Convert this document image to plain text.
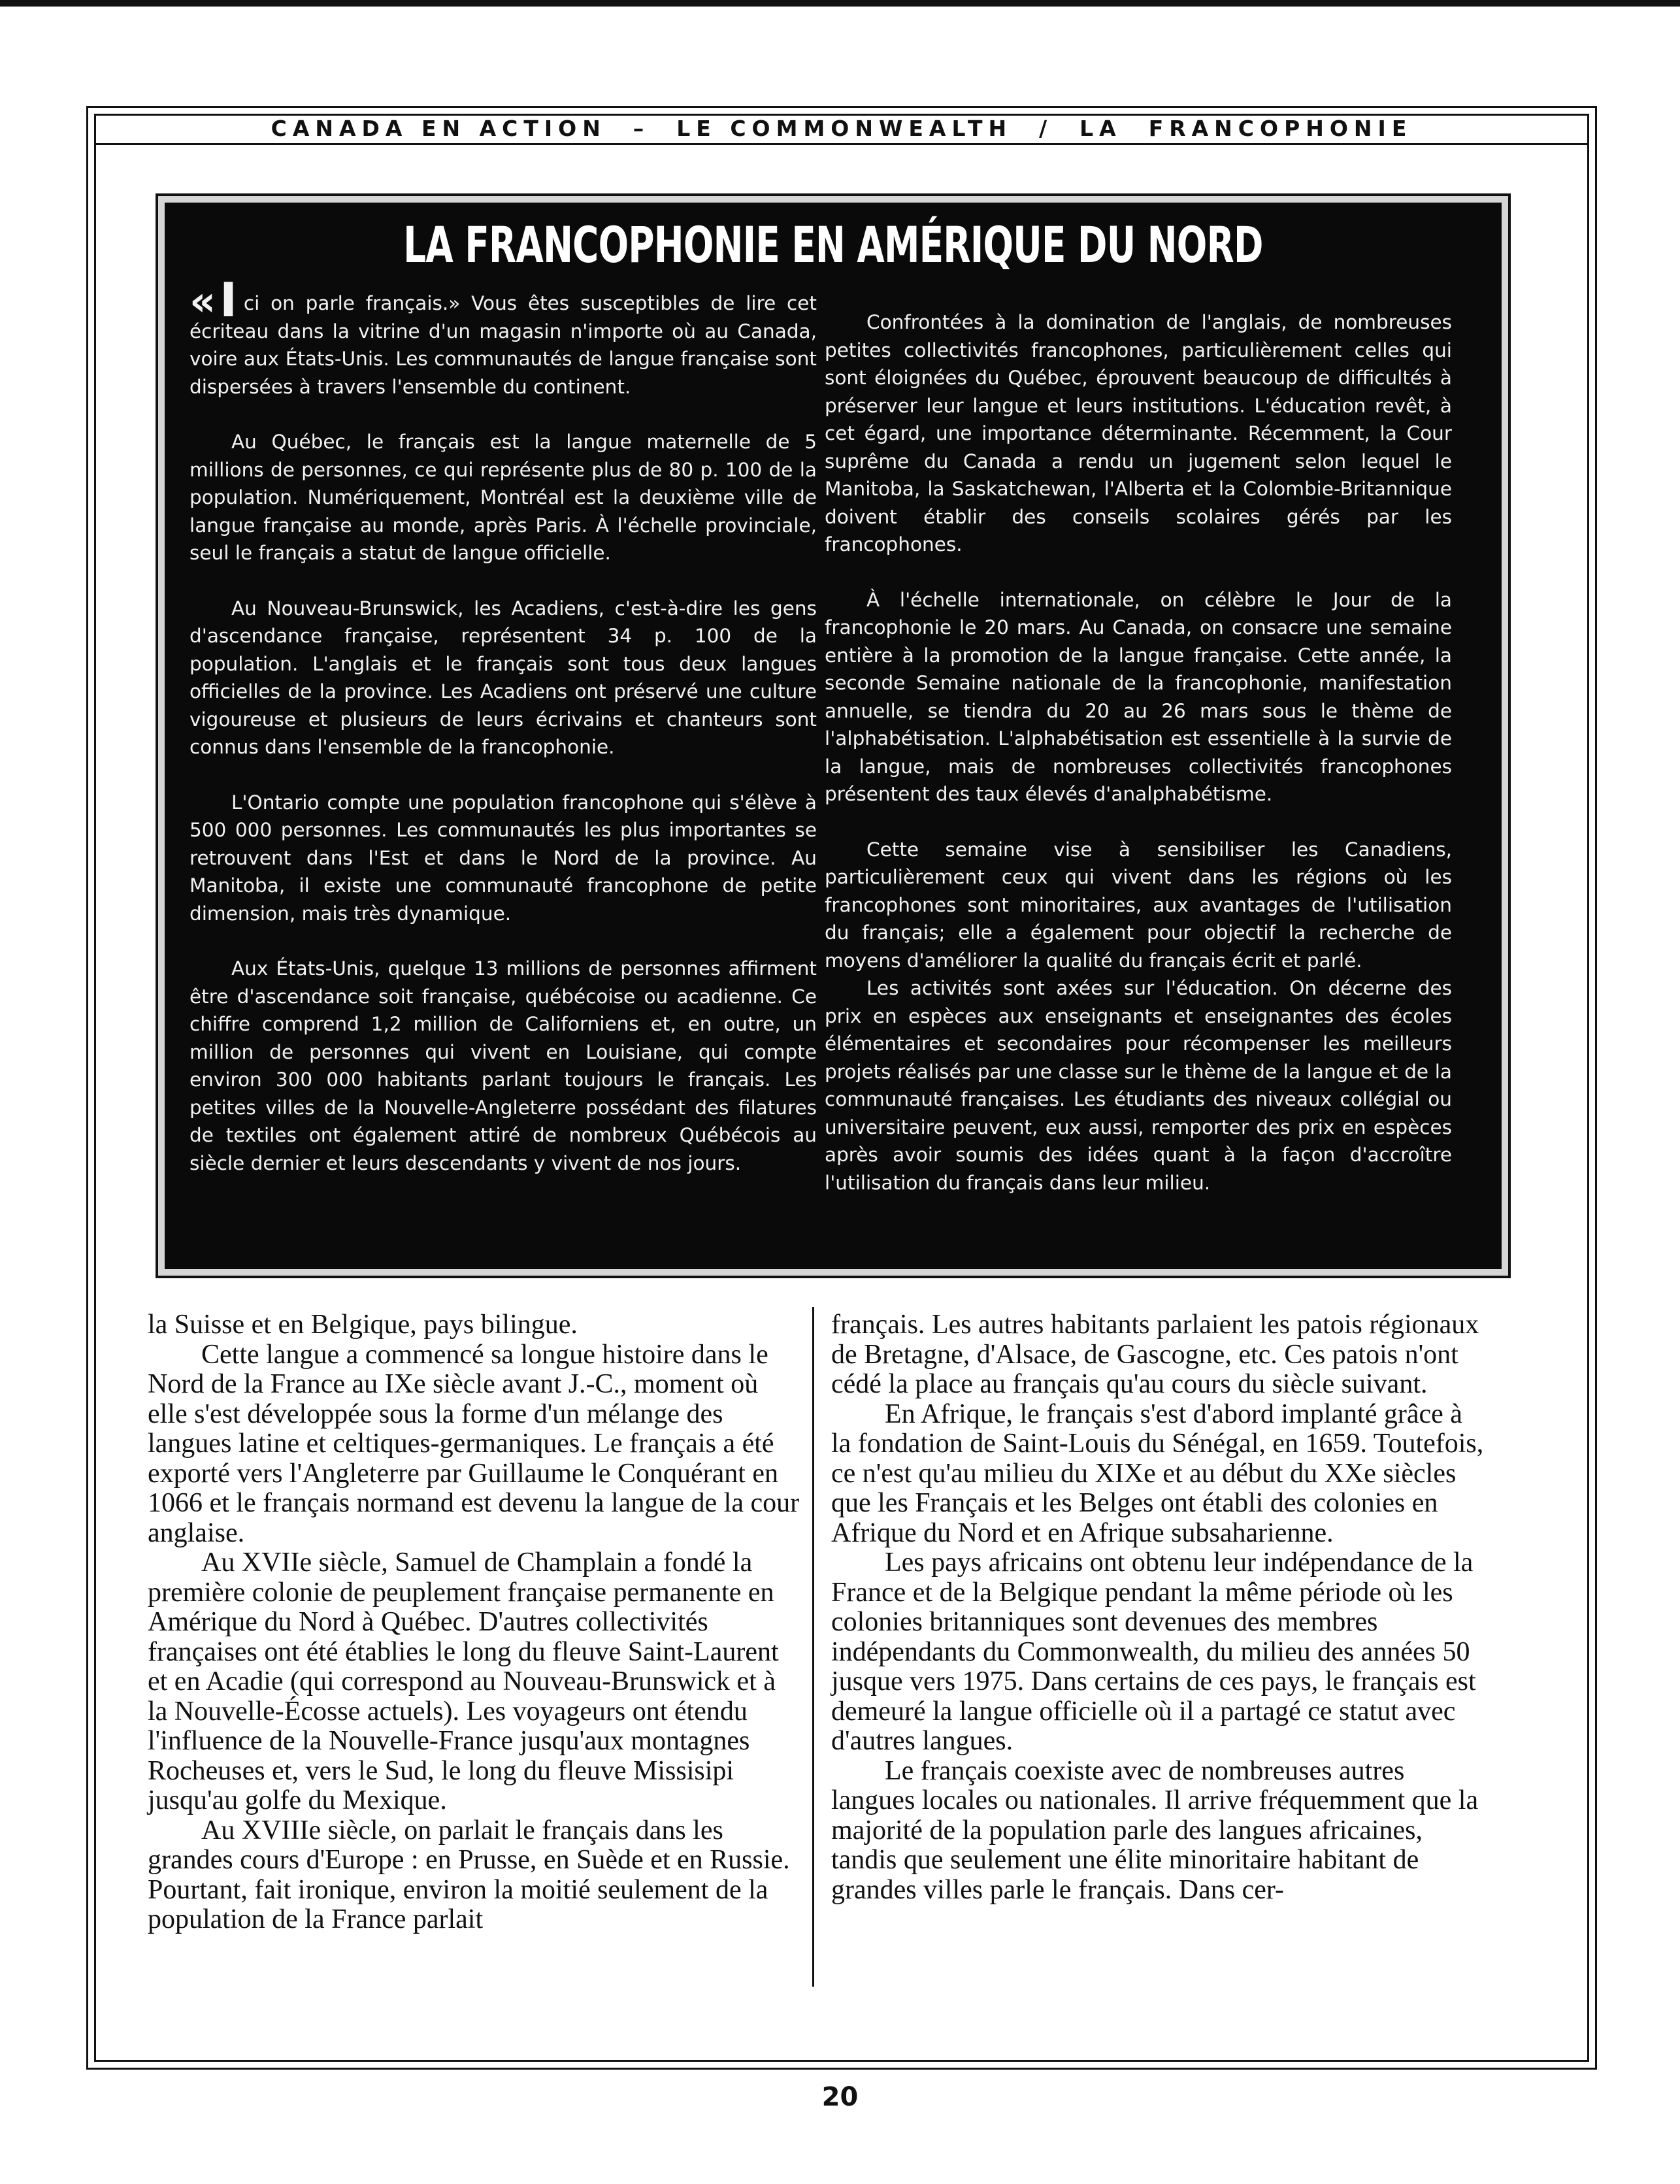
CANADA EN ACTION  –  LE COMMONWEALTH  /  LA  FRANCOPHONIE
LA FRANCOPHONIE EN AMÉRIQUE DU NORD

«I ci on parle français.» Vous êtes susceptibles de lire cet écriteau dans la vitrine d'un magasin n'importe où au Canada, voire aux États-Unis. Les communautés de langue française sont dispersées à travers l'ensemble du continent.

Au Québec, le français est la langue maternelle de 5 millions de personnes, ce qui représente plus de 80 p. 100 de la population. Numériquement, Montréal est la deuxième ville de langue française au monde, après Paris. À l'échelle provinciale, seul le français a statut de langue officielle.

Au Nouveau-Brunswick, les Acadiens, c'est-à-dire les gens d'ascendance française, représentent 34 p. 100 de la population. L'anglais et le français sont tous deux langues officielles de la province. Les Acadiens ont préservé une culture vigoureuse et plusieurs de leurs écrivains et chanteurs sont connus dans l'ensemble de la francophonie.

L'Ontario compte une population francophone qui s'élève à 500 000 personnes. Les communautés les plus importantes se retrouvent dans l'Est et dans le Nord de la province. Au Manitoba, il existe une communauté francophone de petite dimension, mais très dynamique.

Aux États-Unis, quelque 13 millions de personnes affirment être d'ascendance soit française, québécoise ou acadienne. Ce chiffre comprend 1,2 million de Californiens et, en outre, un million de personnes qui vivent en Louisiane, qui compte environ 300 000 habitants parlant toujours le français. Les petites villes de la Nouvelle-Angleterre possédant des filatures de textiles ont également attiré de nombreux Québécois au siècle dernier et leurs descendants y vivent de nos jours.

Confrontées à la domination de l'anglais, de nombreuses petites collectivités francophones, particulièrement celles qui sont éloignées du Québec, éprouvent beaucoup de difficultés à préserver leur langue et leurs institutions. L'éducation revêt, à cet égard, une importance déterminante. Récemment, la Cour suprême du Canada a rendu un jugement selon lequel le Manitoba, la Saskatchewan, l'Alberta et la Colombie-Britannique doivent établir des conseils scolaires gérés par les francophones.

À l'échelle internationale, on célèbre le Jour de la francophonie le 20 mars. Au Canada, on consacre une semaine entière à la promotion de la langue française. Cette année, la seconde Semaine nationale de la francophonie, manifestation annuelle, se tiendra du 20 au 26 mars sous le thème de l'alphabétisation. L'alphabétisation est essentielle à la survie de la langue, mais de nombreuses collectivités francophones présentent des taux élevés d'analphabétisme.

Cette semaine vise à sensibiliser les Canadiens, particulièrement ceux qui vivent dans les régions où les francophones sont minoritaires, aux avantages de l'utilisation du français; elle a également pour objectif la recherche de moyens d'améliorer la qualité du français écrit et parlé.

Les activités sont axées sur l'éducation. On décerne des prix en espèces aux enseignants et enseignantes des écoles élémentaires et secondaires pour récompenser les meilleurs projets réalisés par une classe sur le thème de la langue et de la communauté françaises. Les étudiants des niveaux collégial ou universitaire peuvent, eux aussi, remporter des prix en espèces après avoir soumis des idées quant à la façon d'accroître l'utilisation du français dans leur milieu.

la Suisse et en Belgique, pays bilingue.

Cette langue a commencé sa longue histoire dans le Nord de la France au IXe siècle avant J.-C., moment où elle s'est développée sous la forme d'un mélange des langues latine et celtiques-germaniques. Le français a été exporté vers l'Angleterre par Guillaume le Conquérant en 1066 et le français normand est devenu la langue de la cour anglaise.

Au XVIIe siècle, Samuel de Champlain a fondé la première colonie de peuplement française permanente en Amérique du Nord à Québec. D'autres collectivités françaises ont été établies le long du fleuve Saint-Laurent et en Acadie (qui correspond au Nouveau-Brunswick et à la Nouvelle-Écosse actuels). Les voyageurs ont étendu l'influence de la Nouvelle-France jusqu'aux montagnes Rocheuses et, vers le Sud, le long du fleuve Missisipi jusqu'au golfe du Mexique.

Au XVIIIe siècle, on parlait le français dans les grandes cours d'Europe : en Prusse, en Suède et en Russie. Pourtant, fait ironique, environ la moitié seulement de la population de la France parlait

français. Les autres habitants parlaient les patois régionaux de Bretagne, d'Alsace, de Gascogne, etc. Ces patois n'ont cédé la place au français qu'au cours du siècle suivant.

En Afrique, le français s'est d'abord implanté grâce à la fondation de Saint-Louis du Sénégal, en 1659. Toutefois, ce n'est qu'au milieu du XIXe et au début du XXe siècles que les Français et les Belges ont établi des colonies en Afrique du Nord et en Afrique subsaharienne.

Les pays africains ont obtenu leur indépendance de la France et de la Belgique pendant la même période où les colonies britanniques sont devenues des membres indépendants du Commonwealth, du milieu des années 50 jusque vers 1975. Dans certains de ces pays, le français est demeuré la langue officielle où il a partagé ce statut avec d'autres langues.

Le français coexiste avec de nombreuses autres langues locales ou nationales. Il arrive fréquemment que la majorité de la population parle des langues africaines, tandis que seulement une élite minoritaire habitant de grandes villes parle le français. Dans cer-

20
